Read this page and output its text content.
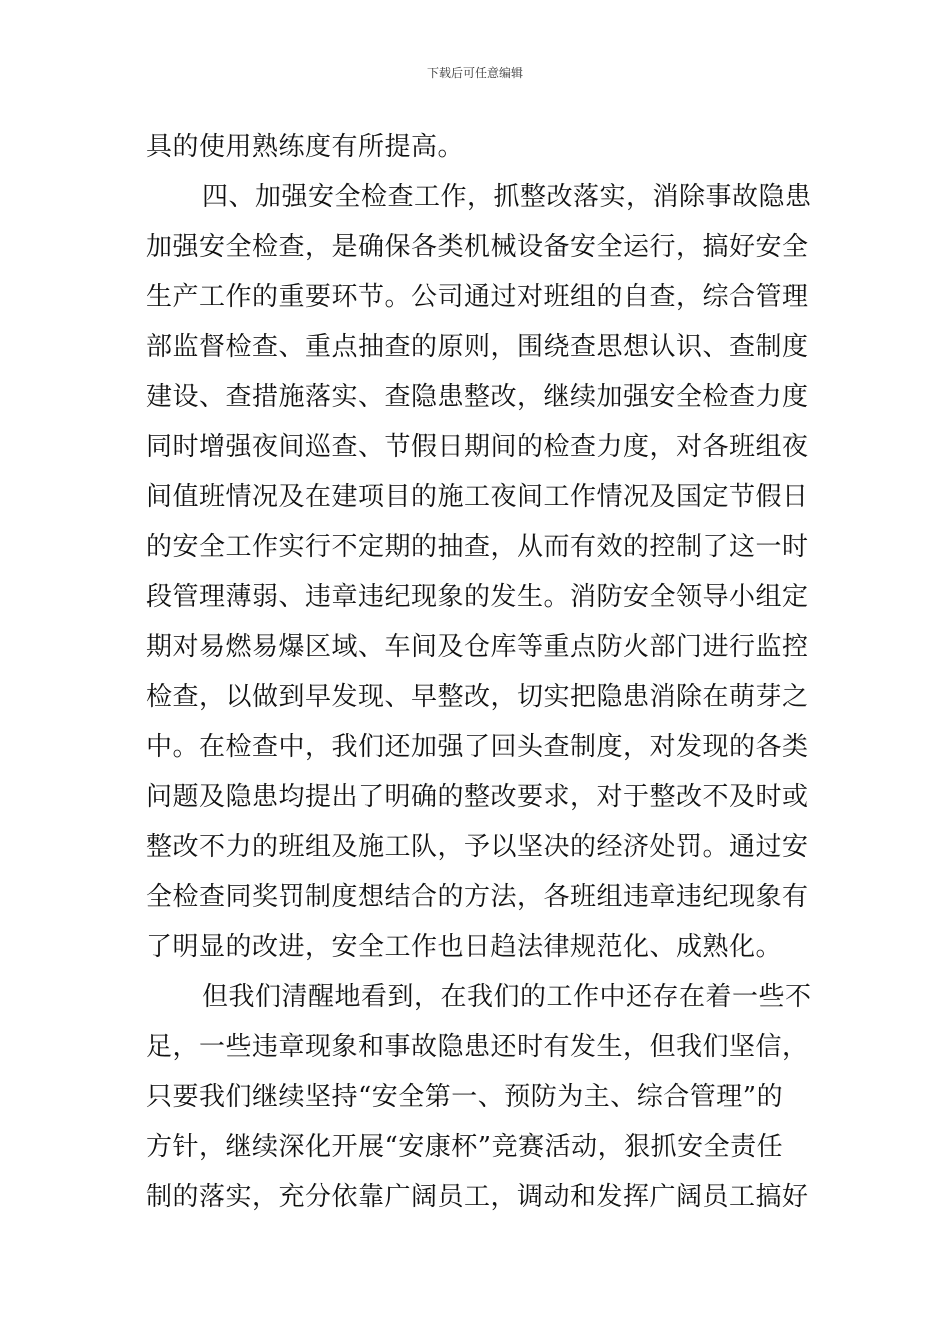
下载后可任意编辑
具的使用熟练度有所提高。
四、加强安全检查工作，抓整改落实，消除事故隐患
加强安全检查，是确保各类机械设备安全运行，搞好安全
生产工作的重要环节。公司通过对班组的自查，综合管理
部监督检查、重点抽查的原则，围绕查思想认识、查制度
建设、查措施落实、查隐患整改，继续加强安全检查力度
同时增强夜间巡查、节假日期间的检查力度，对各班组夜
间值班情况及在建项目的施工夜间工作情况及国定节假日
的安全工作实行不定期的抽查，从而有效的控制了这一时
段管理薄弱、违章违纪现象的发生。消防安全领导小组定
期对易燃易爆区域、车间及仓库等重点防火部门进行监控
检查，以做到早发现、早整改，切实把隐患消除在萌芽之
中。在检查中，我们还加强了回头查制度，对发现的各类
问题及隐患均提出了明确的整改要求，对于整改不及时或
整改不力的班组及施工队，予以坚决的经济处罚。通过安
全检查同奖罚制度想结合的方法，各班组违章违纪现象有
了明显的改进，安全工作也日趋法律规范化、成熟化。
但我们清醒地看到，在我们的工作中还存在着一些不
足，一些违章现象和事故隐患还时有发生，但我们坚信，
只要我们继续坚持“安全第一、预防为主、综合管理”的
方针，继续深化开展“安康杯”竞赛活动，狠抓安全责任
制的落实，充分依靠广阔员工，调动和发挥广阔员工搞好
